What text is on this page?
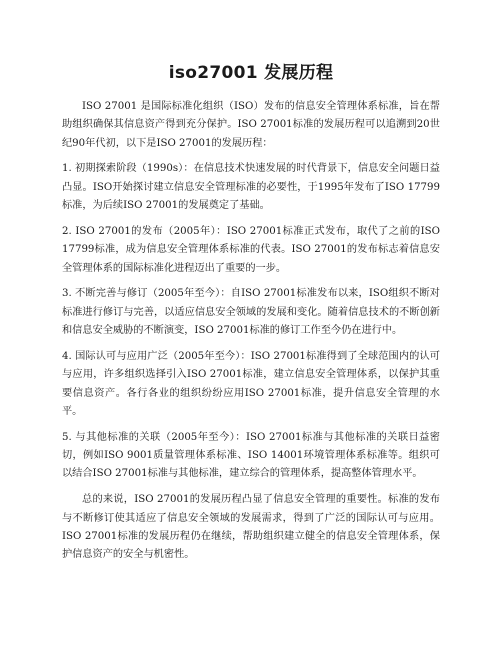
iso27001 发展历程

ISO 27001 是国际标准化组织（ISO）发布的信息安全管理体系标准，旨在帮助组织确保其信息资产得到充分保护。ISO 27001标准的发展历程可以追溯到20世纪90年代初，以下是ISO 27001的发展历程：

1. 初期探索阶段（1990s）：在信息技术快速发展的时代背景下，信息安全问题日益凸显。ISO开始探讨建立信息安全管理标准的必要性，于1995年发布了ISO 17799标准，为后续ISO 27001的发展奠定了基础。

2. ISO 27001的发布（2005年）：ISO 27001标准正式发布，取代了之前的ISO 17799标准，成为信息安全管理体系标准的代表。ISO 27001的发布标志着信息安全管理体系的国际标准化进程迈出了重要的一步。

3. 不断完善与修订（2005年至今）：自ISO 27001标准发布以来，ISO组织不断对标准进行修订与完善，以适应信息安全领域的发展和变化。随着信息技术的不断创新和信息安全威胁的不断演变，ISO 27001标准的修订工作至今仍在进行中。

4. 国际认可与应用广泛（2005年至今）：ISO 27001标准得到了全球范围内的认可与应用，许多组织选择引入ISO 27001标准，建立信息安全管理体系，以保护其重要信息资产。各行各业的组织纷纷应用ISO 27001标准，提升信息安全管理的水平。

5. 与其他标准的关联（2005年至今）：ISO 27001标准与其他标准的关联日益密切，例如ISO 9001质量管理体系标准、ISO 14001环境管理体系标准等。组织可以结合ISO 27001标准与其他标准，建立综合的管理体系，提高整体管理水平。

总的来说，ISO 27001的发展历程凸显了信息安全管理的重要性。标准的发布与不断修订使其适应了信息安全领域的发展需求，得到了广泛的国际认可与应用。ISO 27001标准的发展历程仍在继续，帮助组织建立健全的信息安全管理体系，保护信息资产的安全与机密性。
